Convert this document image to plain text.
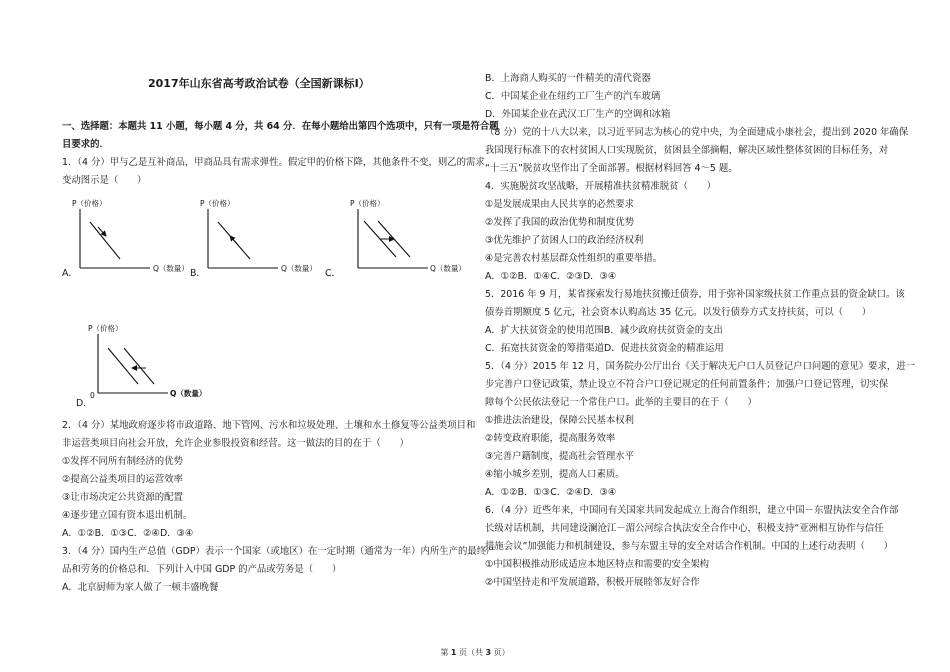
2017年山东省高考政治试卷（全国新课标Ⅰ）
一、选择题：本题共 11 小题，每小题 4 分，共 64 分．在每小题给出第四个选项中，只有一项是符合题
目要求的．
1．（4 分）甲与乙是互补商品，甲商品具有需求弹性。假定甲的价格下降，其他条件不变，则乙的需求
变动图示是（　　）
P（价格）
Q（数量）
A．
P（价格）
Q（数量）
B．
P（价格）
Q（数量）
C．
P（价格）
0	Q（数量）
D．
2．（4 分）某地政府逐步将市政道路、地下管网、污水和垃圾处理、土壤和水土修复等公益类项目和
非运营类项目向社会开放，允许企业参股投资和经营。这一做法的目的在于（　　）
①发挥不同所有制经济的优势
②提高公益类项目的运营效率
③让市场决定公共资源的配置
④逐步建立国有资本退出机制。
A．①②B．①③C．②④D．③④
3．（4 分）国内生产总值（GDP）表示一个国家（或地区）在一定时期（通常为一年）内所生产的最终产
品和劳务的价格总和．下列计入中国 GDP 的产品或劳务是（　　）
A．北京厨师为家人做了一顿丰盛晚餐
B．上海商人购买的一件精美的清代瓷器
C．中国某企业在纽约工厂生产的汽车玻璃
D．外国某企业在武汉工厂生产的空调和冰箱
（8 分）党的十八大以来，以习近平同志为核心的党中央，为全面建成小康社会，提出到 2020 年确保
我国现行标准下的农村贫困人口实现脱贫，贫困县全部摘帽，解决区域性整体贫困的目标任务，对
“十三五”脱贫攻坚作出了全面部署。根据材料回答 4～5 题。
4．实施脱贫攻坚战略，开展精准扶贫精准脱贫（　　）
①是发展成果由人民共享的必然要求
②发挥了我国的政治优势和制度优势
③优先维护了贫困人口的政治经济权利
④是完善农村基层群众性组织的重要举措。
A．①②B．①④C．②③D．③④
5．2016 年 9 月，某省探索发行易地扶贫搬迁债券，用于弥补国家级扶贫工作重点县的资金缺口。该
债券首期额度 5 亿元，社会资本认购高达 35 亿元。以发行债券方式支持扶贫，可以（　　）
A．扩大扶贫资金的使用范围B．减少政府扶贫资金的支出
C．拓宽扶贫资金的筹措渠道D．促进扶贫资金的精准运用
5．（4 分）2015 年 12 月，国务院办公厅出台《关于解决无户口人员登记户口问题的意见》要求，进一
步完善户口登记政策，禁止设立不符合户口登记规定的任何前置条件；加强户口登记管理，切实保
障每个公民依法登记一个常住户口。此举的主要目的在于（　　）
①推进法治建设，保障公民基本权利
②转变政府职能，提高服务效率
③完善户籍制度，提高社会管理水平
④缩小城乡差别，提高人口素质。
A．①②B．①③C．②④D．③④
6．（4 分）近些年来，中国同有关国家共同发起成立上海合作组织，建立中国－东盟执法安全合作部
长级对话机制，共同建设澜沧江－湄公河综合执法安全合作中心，积极支持“亚洲相互协作与信任
措施会议”加强能力和机制建设，参与东盟主导的安全对话合作机制。中国的上述行动表明（　　）
①中国积极推动形成适应本地区特点和需要的安全架构
②中国坚持走和平发展道路，积极开展睦邻友好合作
第 1 页（共 3 页）
